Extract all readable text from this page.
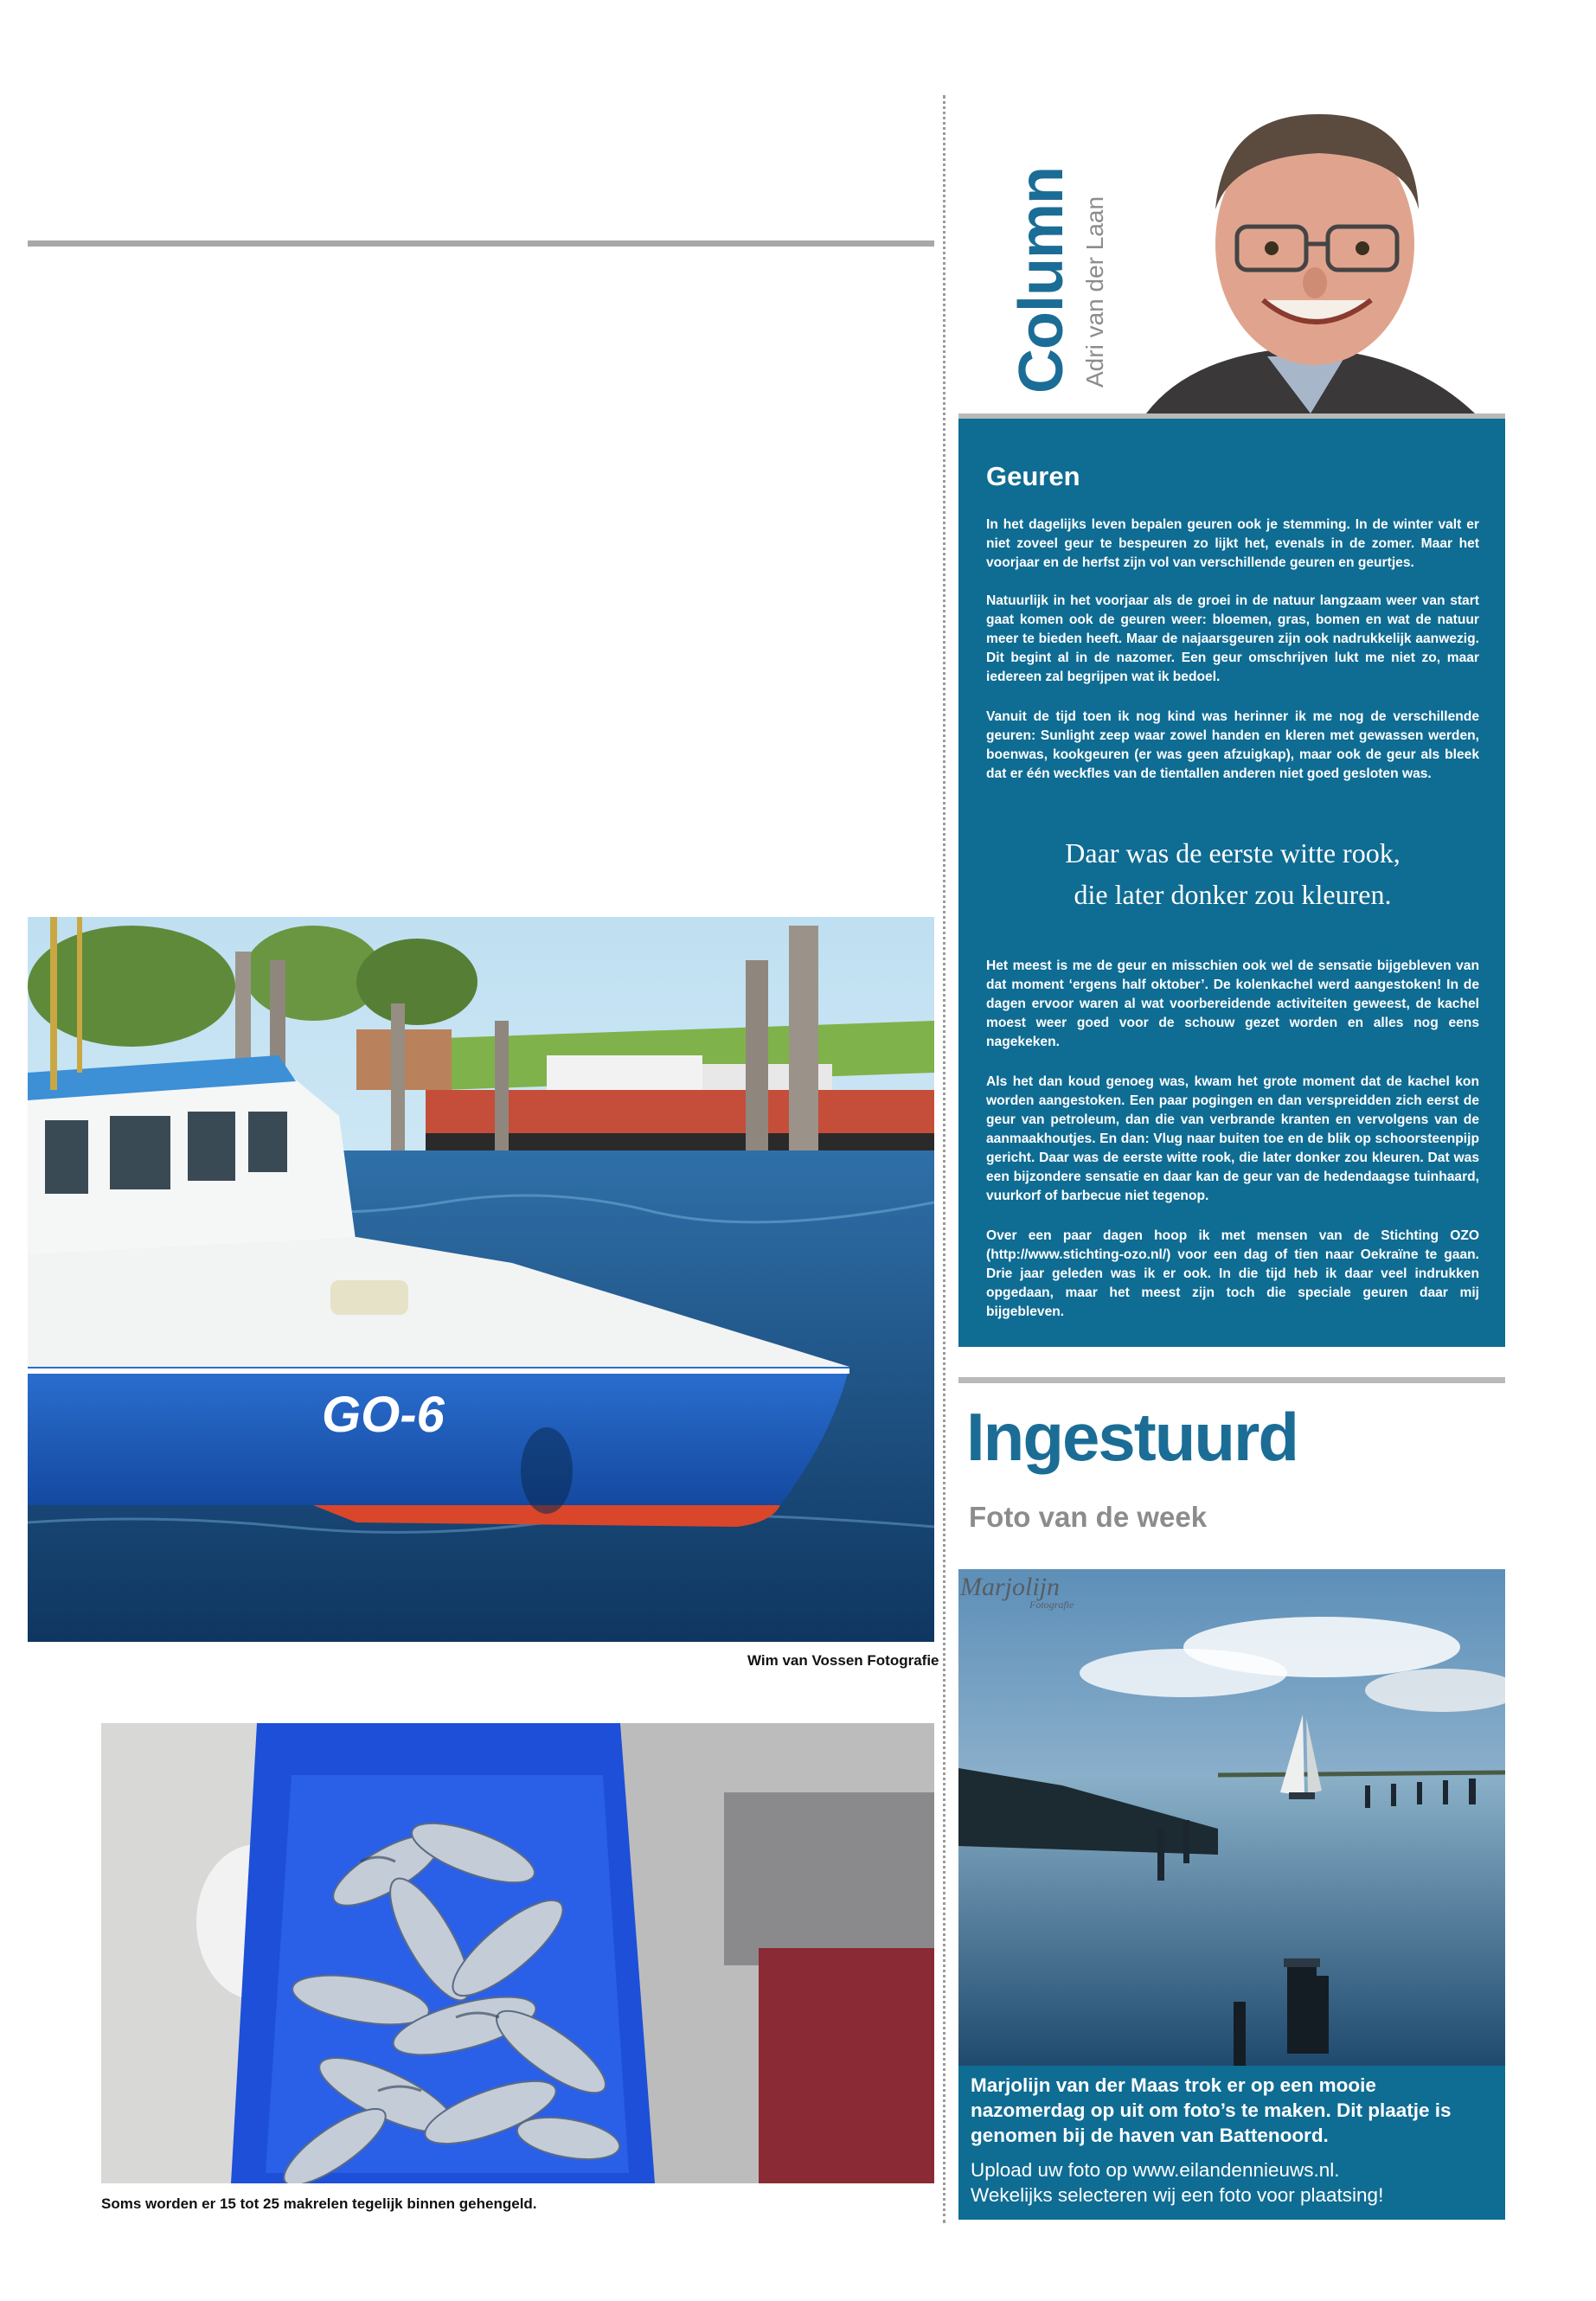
GO-6
Wim van Vossen Fotografie
Soms worden er 15 tot 25 makrelen tegelijk binnen gehengeld.
Column Adri van der Laan
Geuren

In het dagelijks leven bepalen geuren ook je stemming. In de winter valt er niet zoveel geur te bespeuren zo lijkt het, evenals in de zomer. Maar het voorjaar en de herfst zijn vol van verschillende geuren en geurtjes.

Natuurlijk in het voorjaar als de groei in de natuur langzaam weer van start gaat komen ook de geuren weer: bloemen, gras, bomen en wat de natuur meer te bieden heeft. Maar de najaarsgeuren zijn ook nadrukkelijk aanwezig. Dit begint al in de nazomer. Een geur omschrijven lukt me niet zo, maar iedereen zal begrijpen wat ik bedoel.

Vanuit de tijd toen ik nog kind was herinner ik me nog de verschillende geuren: Sunlight zeep waar zowel handen en kleren met gewassen werden, boenwas, kookgeuren (er was geen afzuigkap), maar ook de geur als bleek dat er één weckfles van de tientallen anderen niet goed gesloten was.

Daar was de eerste witte rook,
die later donker zou kleuren.

Het meest is me de geur en misschien ook wel de sensatie bijgebleven van dat moment ‘ergens half oktober’. De kolenkachel werd aangestoken! In de dagen ervoor waren al wat voorbereidende activiteiten geweest, de kachel moest weer goed voor de schouw gezet worden en alles nog eens nagekeken.

Als het dan koud genoeg was, kwam het grote moment dat de kachel kon worden aangestoken. Een paar pogingen en dan verspreidden zich eerst de geur van petroleum, dan die van verbrande kranten en vervolgens van de aanmaakhoutjes. En dan: Vlug naar buiten toe en de blik op schoorsteenpijp gericht. Daar was de eerste witte rook, die later donker zou kleuren. Dat was een bijzondere sensatie en daar kan de geur van de hedendaagse tuinhaard, vuurkorf of barbecue niet tegenop.

Over een paar dagen hoop ik met mensen van de Stichting OZO (http://www.stichting-ozo.nl/) voor een dag of tien naar Oekraïne te gaan. Drie jaar geleden was ik er ook. In die tijd heb ik daar veel indrukken opgedaan, maar het meest zijn toch die speciale geuren daar mij bijgebleven.

Ingestuurd
Foto van de week
Marjolijn
Fotografie
Marjolijn van der Maas trok er op een mooie nazomerdag op uit om foto’s te maken. Dit plaatje is genomen bij de haven van Battenoord.
Upload uw foto op www.eilandennieuws.nl.
Wekelijks selecteren wij een foto voor plaatsing!
